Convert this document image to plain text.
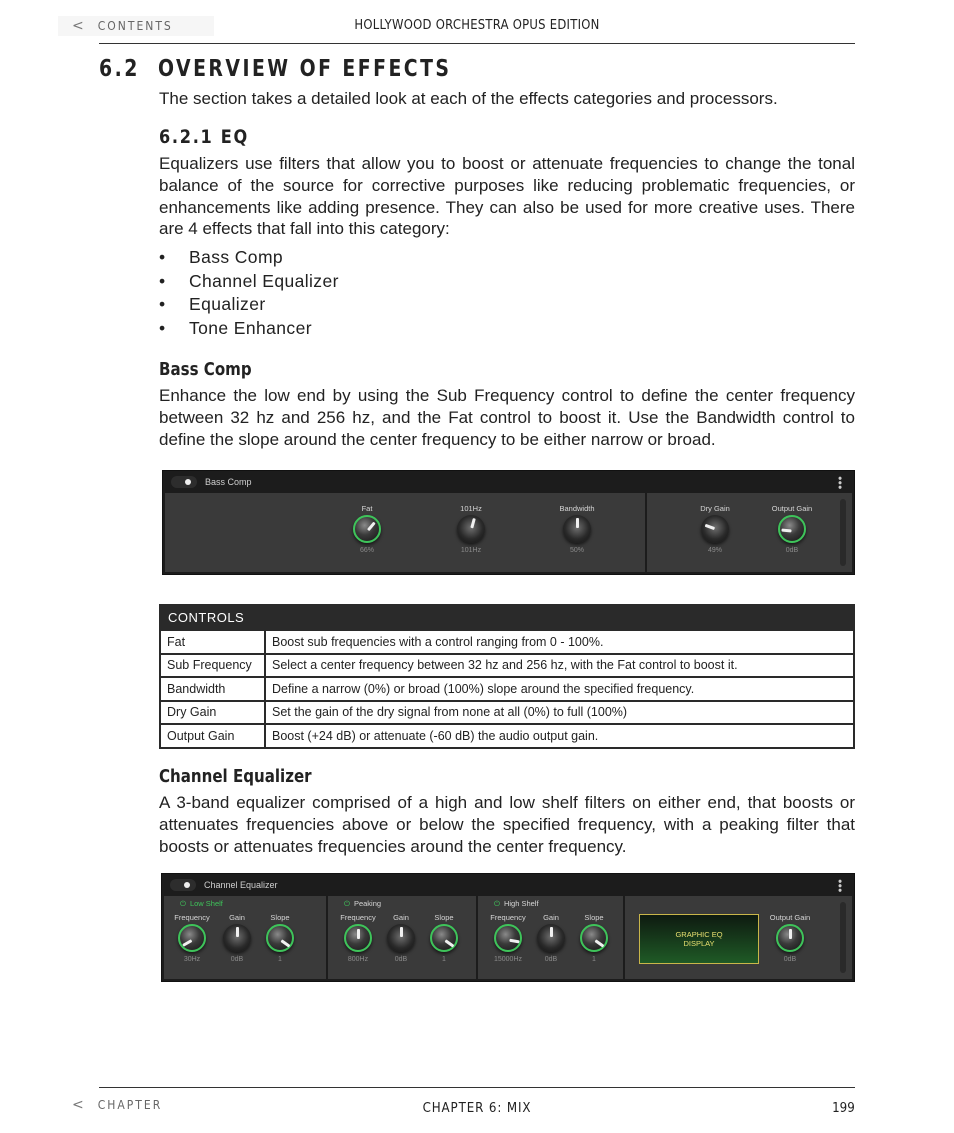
< CONTENTS	HOLLYWOOD ORCHESTRA OPUS EDITION
6.2 OVERVIEW OF EFFECTS
The section takes a detailed look at each of the effects categories and processors.
6.2.1 EQ
Equalizers use filters that allow you to boost or attenuate frequencies to change the tonal balance of the source for corrective purposes like reducing problematic frequencies, or enhancements like adding presence. They can also be used for more creative uses. There are 4 effects that fall into this category:
•	Bass Comp
•	Channel Equalizer
•	Equalizer
•	Tone Enhancer
Bass Comp
Enhance the low end by using the Sub Frequency control to define the center frequency between 32 hz and 256 hz, and the Fat control to boost it. Use the Bandwidth control to define the slope around the center frequency to be either narrow or broad.
Bass Comp	•••
Fat
66%
101Hz
101Hz
Bandwidth
50%
Dry Gain
49%
Output Gain
0dB
CONTROLS	
Fat	Boost sub frequencies with a control ranging from 0 - 100%.
Sub Frequency	Select a center frequency between 32 hz and 256 hz, with the Fat control to boost it.
Bandwidth	Define a narrow (0%) or broad (100%) slope around the specified frequency.
Dry Gain	Set the gain of the dry signal from none at all (0%) to full (100%)
Output Gain	Boost (+24 dB) or attenuate (-60 dB) the audio output gain.
Channel Equalizer
A 3-band equalizer comprised of a high and low shelf filters on either end, that boosts or attenuates frequencies above or below the specified frequency, with a peaking filter that boosts or attenuates frequencies around the center frequency.
Channel Equalizer	•••
⏻ Low Shelf
Frequency
30Hz
Gain
0dB
Slope
1
⏻ Peaking
Frequency
800Hz
Gain
0dB
Slope
1
⏻ High Shelf
Frequency
15000Hz
Gain
0dB
Slope
1
GRAPHIC EQ DISPLAY
Output Gain
0dB
< CHAPTER	CHAPTER 6: MIX	199
